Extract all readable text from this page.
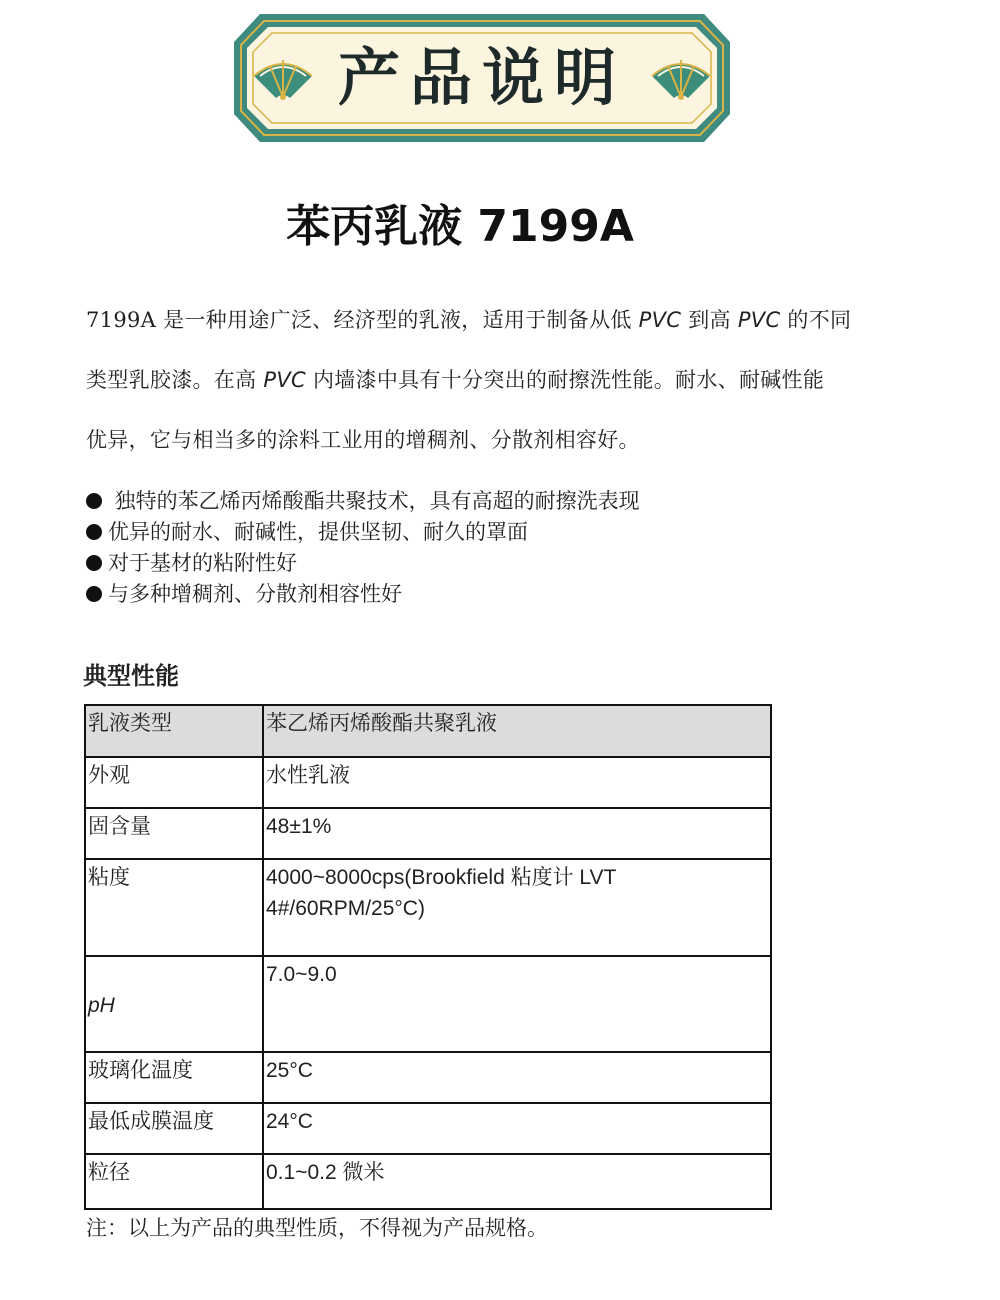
产品说明
苯丙乳液 7199A
7199A 是一种用途广泛、经济型的乳液，适用于制备从低 PVC 到高 PVC 的不同
类型乳胶漆。在高 PVC 内墙漆中具有十分突出的耐擦洗性能。耐水、耐碱性能
优异，它与相当多的涂料工业用的增稠剂、分散剂相容好。
独特的苯乙烯丙烯酸酯共聚技术，具有高超的耐擦洗表现
优异的耐水、耐碱性，提供坚韧、耐久的罩面
对于基材的粘附性好
与多种增稠剂、分散剂相容性好
典型性能
乳液类型	苯乙烯丙烯酸酯共聚乳液
外观	水性乳液
固含量	48±1%
粘度	4000~8000cps(Brookfield 粘度计 LVT
4#/60RPM/25°C)
pH	7.0~9.0
玻璃化温度	25°C
最低成膜温度	24°C
粒径	0.1~0.2 微米
注：以上为产品的典型性质，不得视为产品规格。
